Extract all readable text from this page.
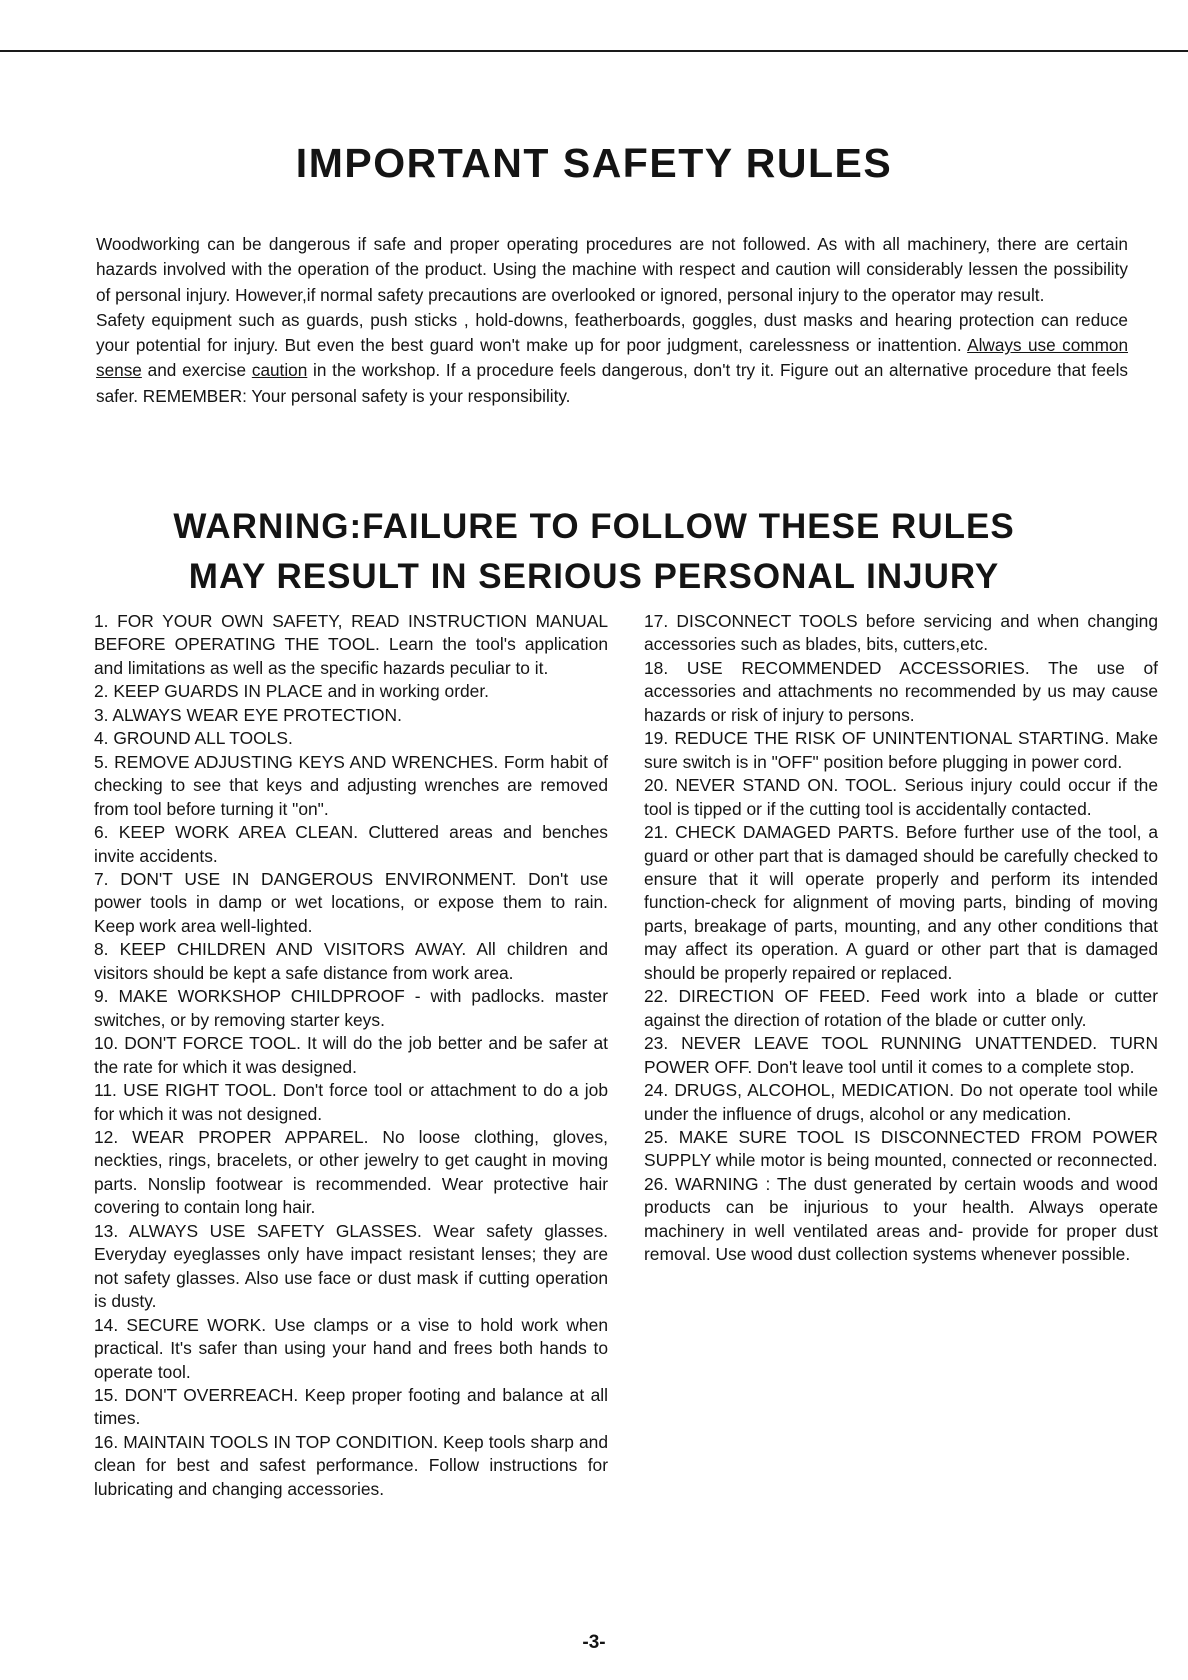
IMPORTANT SAFETY RULES

Woodworking can be dangerous if safe and proper operating procedures are not followed. As with all machinery, there are certain hazards involved with the operation of the product. Using the machine with respect and caution will considerably lessen the possibility of personal injury. However,if normal safety precautions are overlooked or ignored, personal injury to the operator may result.

Safety equipment such as guards, push sticks , hold-downs, featherboards, goggles, dust masks and hearing protection can reduce your potential for injury. But even the best guard won't make up for poor judgment, carelessness or inattention. Always use common sense and exercise caution in the workshop. If a procedure feels dangerous, don't try it. Figure out an alternative procedure that feels safer. REMEMBER: Your personal safety is your responsibility.

WARNING:FAILURE TO FOLLOW THESE RULES
MAY RESULT IN SERIOUS PERSONAL INJURY

1. FOR YOUR OWN SAFETY, READ INSTRUCTION MANUAL BEFORE OPERATING THE TOOL. Learn the tool's application and limitations as well as the specific hazards peculiar to it.

2. KEEP GUARDS IN PLACE and in working order.

3. ALWAYS WEAR EYE PROTECTION.

4. GROUND ALL TOOLS.

5. REMOVE ADJUSTING KEYS AND WRENCHES. Form habit of checking to see that keys and adjusting wrenches are removed from tool before turning it "on".

6. KEEP WORK AREA CLEAN. Cluttered areas and benches invite accidents.

7. DON'T USE IN DANGEROUS ENVIRONMENT. Don't use power tools in damp or wet locations, or expose them to rain. Keep work area well-lighted.

8. KEEP CHILDREN AND VISITORS AWAY. All children and visitors should be kept a safe distance from work area.

9. MAKE WORKSHOP CHILDPROOF - with padlocks. master switches, or by removing starter keys.

10. DON'T FORCE TOOL. It will do the job better and be safer at the rate for which it was designed.

11. USE RIGHT TOOL. Don't force tool or attachment to do a job for which it was not designed.

12. WEAR PROPER APPAREL. No loose clothing, gloves, neckties, rings, bracelets, or other jewelry to get caught in moving parts. Nonslip footwear is recommended. Wear protective hair covering to contain long hair.

13. ALWAYS USE SAFETY GLASSES. Wear safety glasses. Everyday eyeglasses only have impact resistant lenses; they are not safety glasses. Also use face or dust mask if cutting operation is dusty.

14. SECURE WORK. Use clamps or a vise to hold work when practical. It's safer than using your hand and frees both hands to operate tool.

15. DON'T OVERREACH. Keep proper footing and balance at all times.

16. MAINTAIN TOOLS IN TOP CONDITION. Keep tools sharp and clean for best and safest performance. Follow instructions for lubricating and changing accessories.

17. DISCONNECT TOOLS before servicing and when changing accessories such as blades, bits, cutters,etc.

18. USE RECOMMENDED ACCESSORIES. The use of accessories and attachments no recommended by us may cause hazards or risk of injury to persons.

19. REDUCE THE RISK OF UNINTENTIONAL STARTING. Make sure switch is in "OFF" position before plugging in power cord.

20. NEVER STAND ON. TOOL. Serious injury could occur if the tool is tipped or if the cutting tool is accidentally contacted.

21. CHECK DAMAGED PARTS. Before further use of the tool, a guard or other part that is damaged should be carefully checked to ensure that it will operate properly and perform its intended function-check for alignment of moving parts, binding of moving parts, breakage of parts, mounting, and any other conditions that may affect its operation. A guard or other part that is damaged should be properly repaired or replaced.

22. DIRECTION OF FEED. Feed work into a blade or cutter against the direction of rotation of the blade or cutter only.

23. NEVER LEAVE TOOL RUNNING UNATTENDED. TURN POWER OFF. Don't leave tool until it comes to a complete stop.

24. DRUGS, ALCOHOL, MEDICATION. Do not operate tool while under the influence of drugs, alcohol or any medication.

25. MAKE SURE TOOL IS DISCONNECTED FROM POWER SUPPLY while motor is being mounted, connected or reconnected.

26. WARNING : The dust generated by certain woods and wood products can be injurious to your health. Always operate machinery in well ventilated areas and- provide for proper dust removal. Use wood dust collection systems whenever possible.

-3-
